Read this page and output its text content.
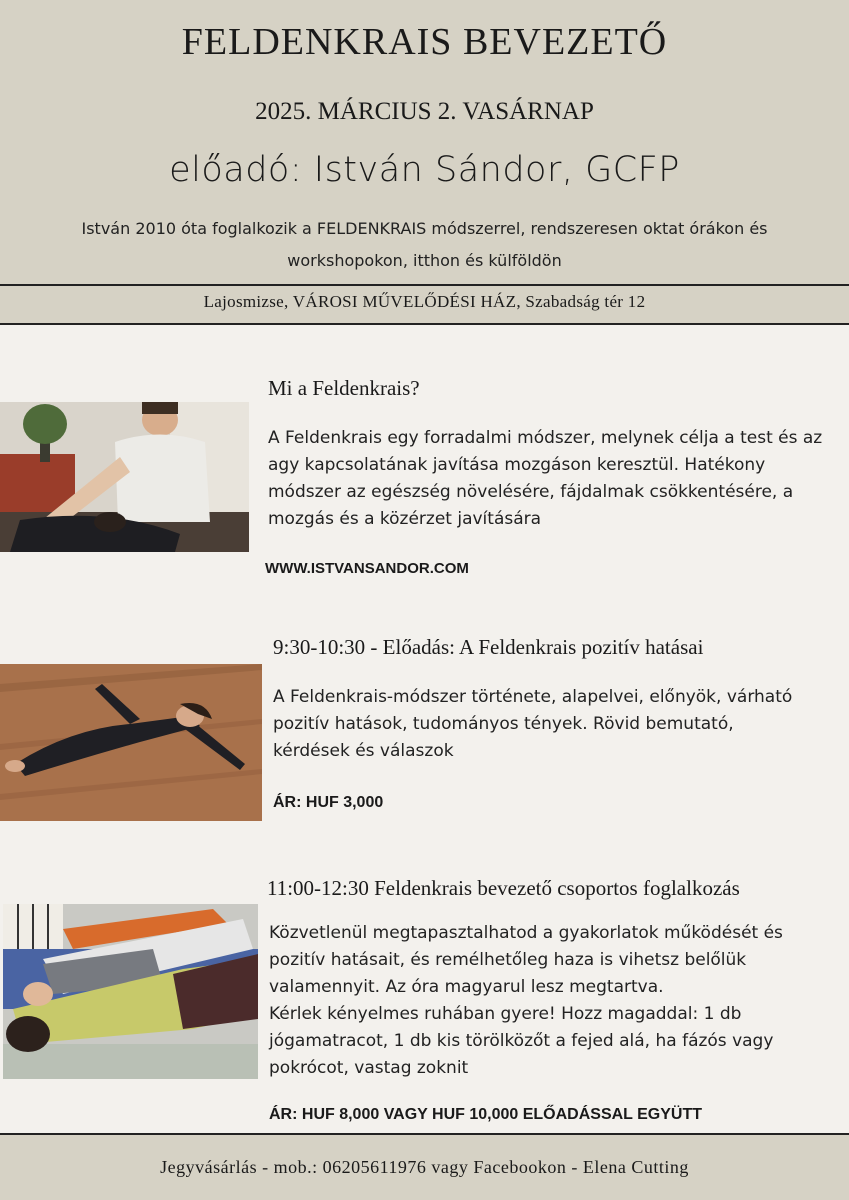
FELDENKRAIS BEVEZETŐ
2025. MÁRCIUS 2. VASÁRNAP
előadó: István Sándor, GCFP
István 2010 óta foglalkozik a FELDENKRAIS módszerrel, rendszeresen oktat órákon és workshopokon, itthon és külföldön
Lajosmizse, VÁROSI MŰVELŐDÉSI HÁZ, Szabadság tér 12
Mi a Feldenkrais?
A Feldenkrais egy forradalmi módszer, melynek célja a test és az agy kapcsolatának javítása mozgáson keresztül. Hatékony módszer az egészség növelésére, fájdalmak csökkentésére, a mozgás és a közérzet javítására
WWW.ISTVANSANDOR.COM
9:30-10:30 - Előadás: A Feldenkrais pozitív hatásai
A Feldenkrais-módszer története, alapelvei, előnyök, várható pozitív hatások, tudományos tények. Rövid bemutató, kérdések és válaszok
ÁR: HUF 3,000
11:00-12:30 Feldenkrais bevezető csoportos foglalkozás
Közvetlenül megtapasztalhatod a gyakorlatok működését és pozitív hatásait, és remélhetőleg haza is vihetsz belőlük valamennyit. Az óra magyarul lesz megtartva.
Kérlek kényelmes ruhában gyere! Hozz magaddal: 1 db jógamatracot, 1 db kis törölközőt a fejed alá, ha fázós vagy pokrócot, vastag zoknit
ÁR: HUF 8,000 VAGY HUF 10,000 ELŐADÁSSAL EGYÜTT
Jegyvásárlás - mob.: 06205611976 vagy Facebookon - Elena Cutting
